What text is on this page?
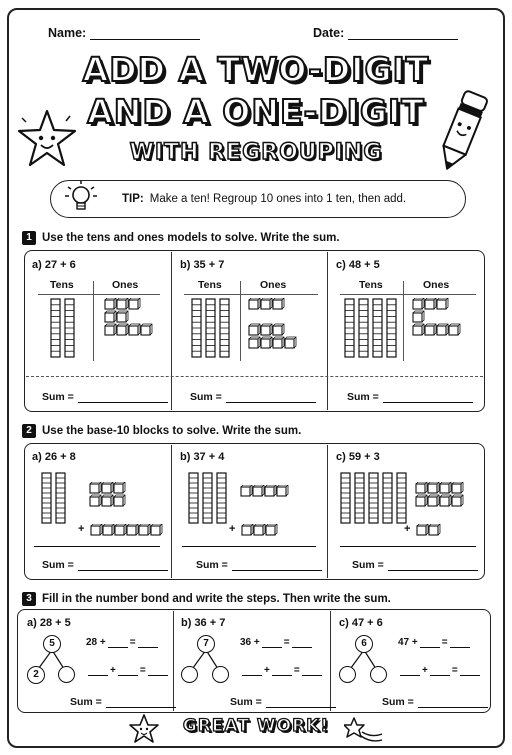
Name:	Date:
ADD A TWO-DIGIT
AND A ONE-DIGIT
WITH REGROUPING
TIP: Make a ten! Regroup 10 ones into 1 ten, then add.
1 Use the tens and ones models to solve. Write the sum.
a) 27 + 6
Tens	Ones
Sum =
b) 35 + 7
Tens	Ones
Sum =
c) 48 + 5
Tens	Ones
Sum =
2 Use the base-10 blocks to solve. Write the sum.
a) 26 + 8
+
Sum =
b) 37 + 4
+
Sum =
c) 59 + 3
+
Sum =
3 Fill in the number bond and write the steps. Then write the sum.
a) 28 + 5
5
2
28 + =
+ =
Sum =
b) 36 + 7
7	36 + =
+ =
Sum =
c) 47 + 6
6	47 + =
+ =
Sum =
GREAT WORK!
